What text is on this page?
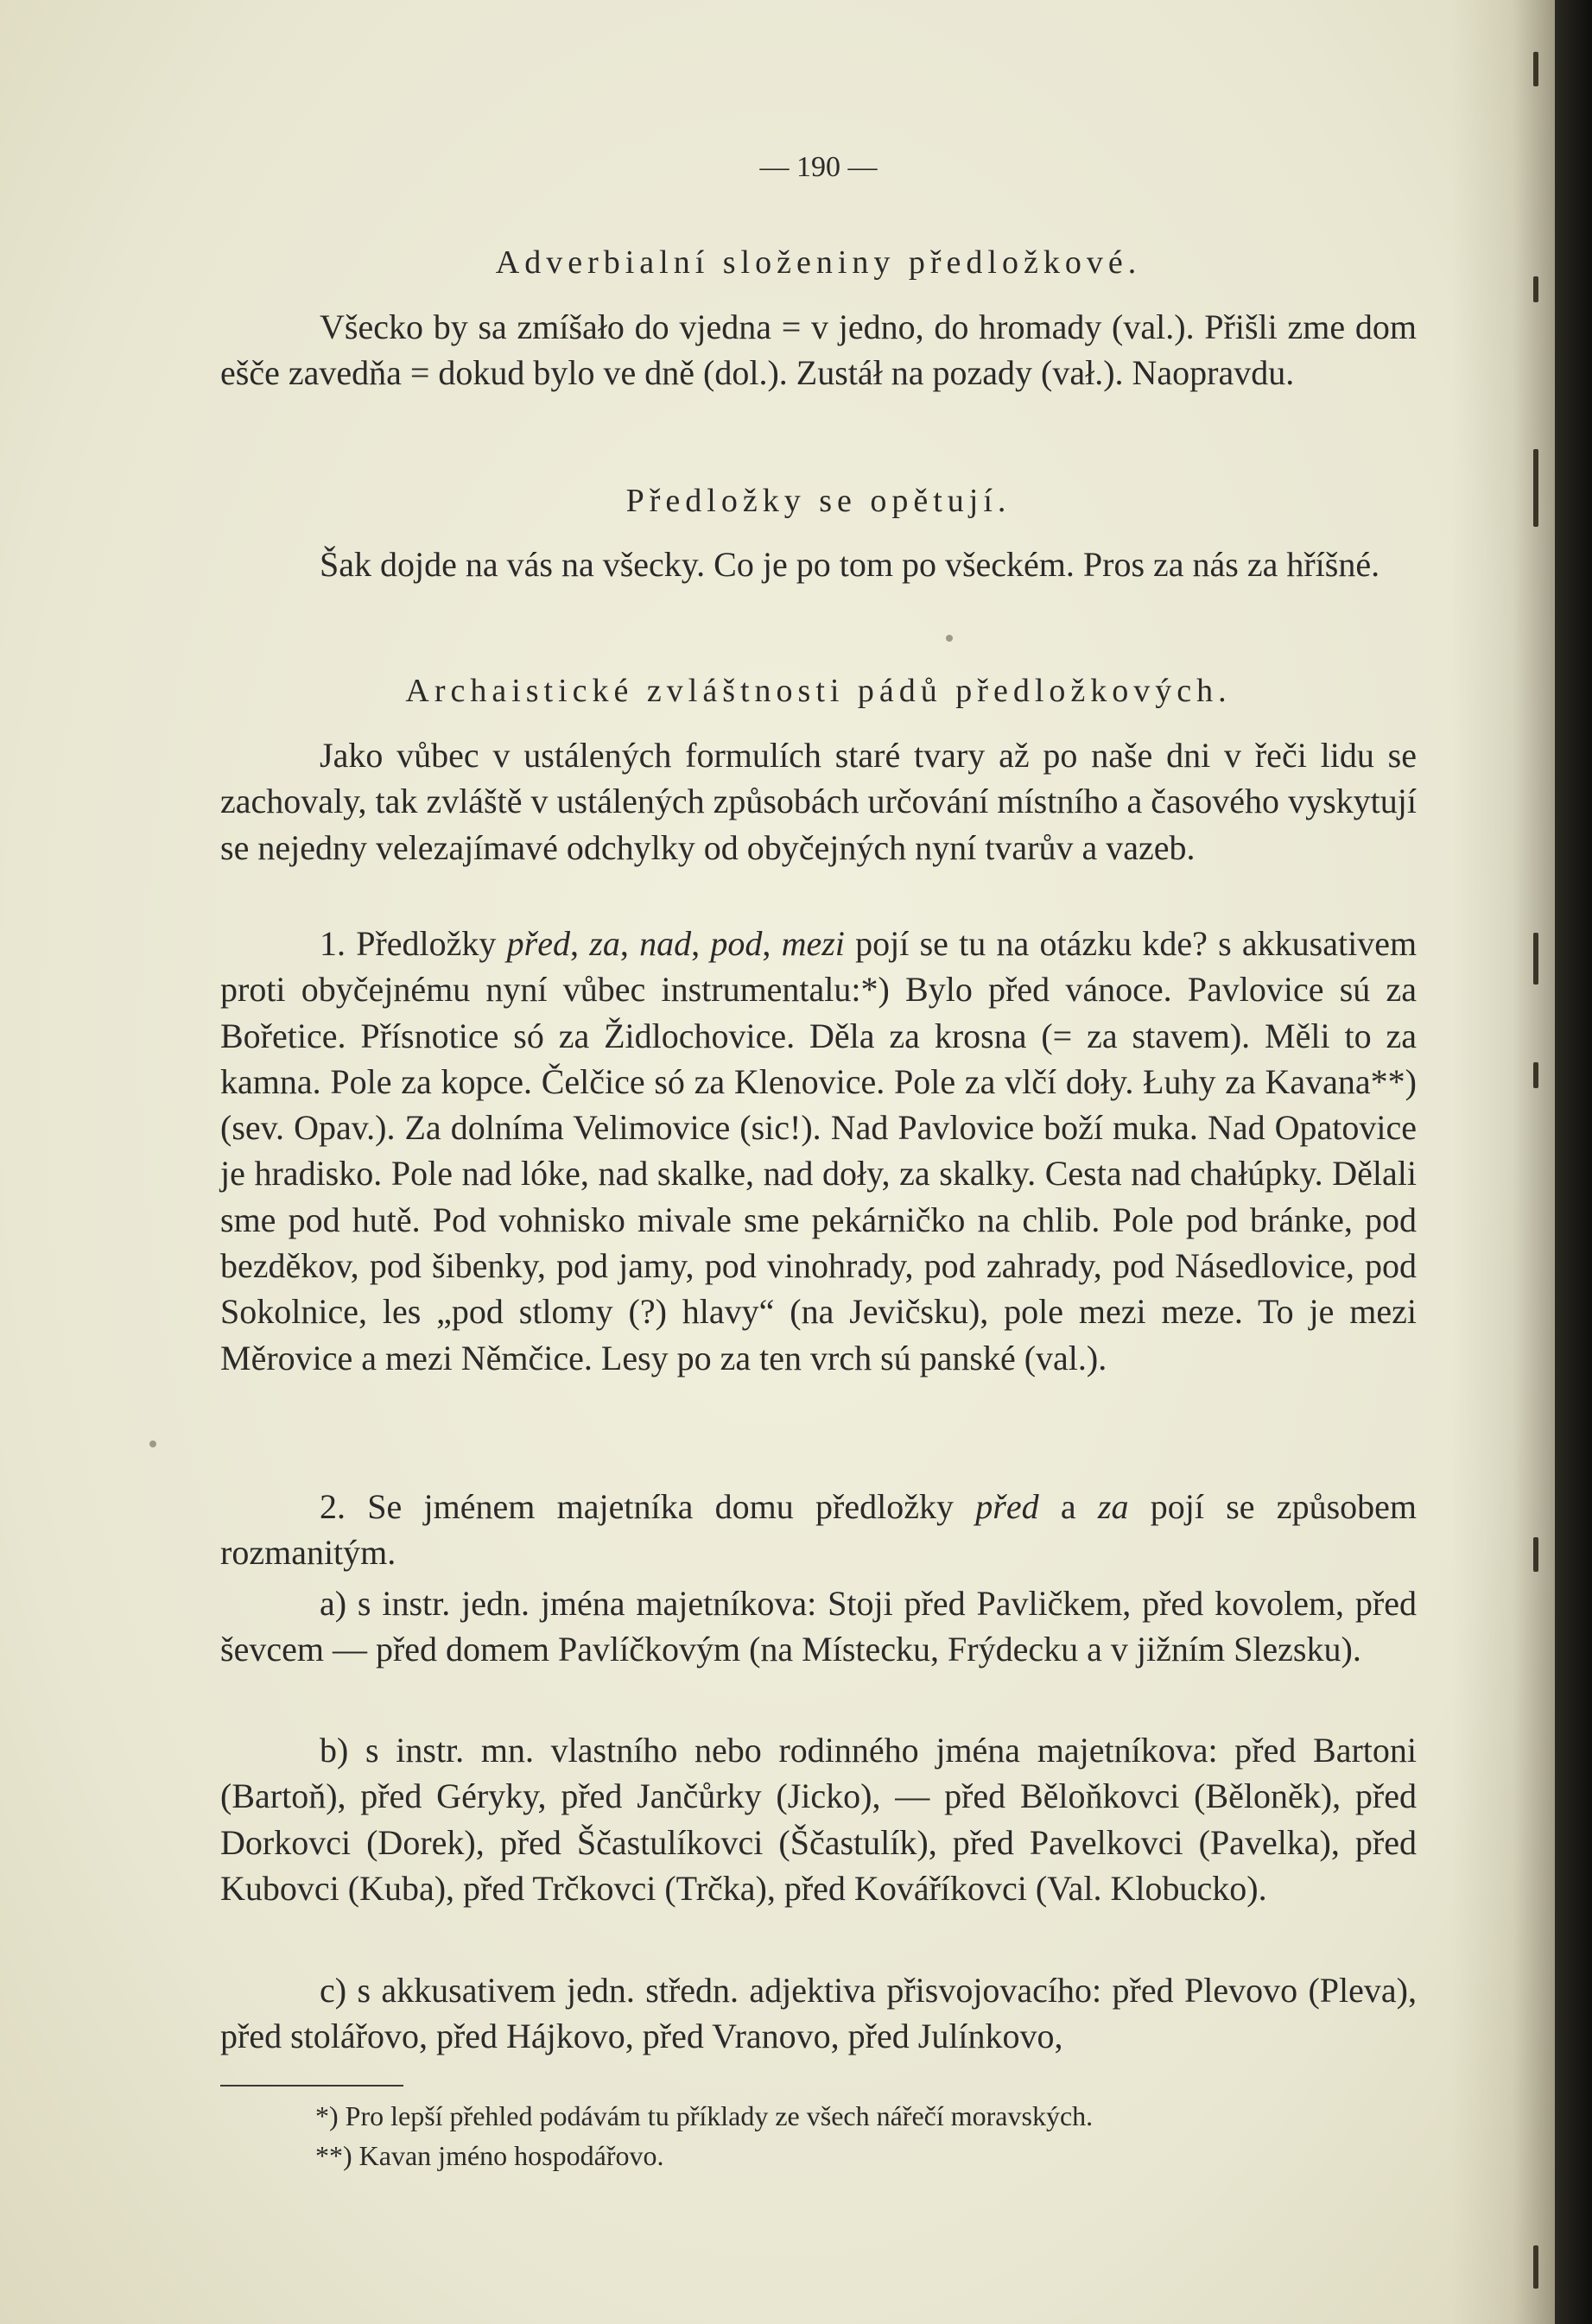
— 190 —
Adverbialní složeniny předložkové.

Všecko by sa zmíšało do vjedna = v jedno, do hromady (val.). Přišli zme dom ešče zavedňa = dokud bylo ve dně (dol.). Zustáł na pozady (vał.). Naopravdu.

Předložky se opětují.

Šak dojde na vás na všecky. Co je po tom po všeckém. Pros za nás za hříšné.

Archaistické zvláštnosti pádů předložkových.

Jako vůbec v ustálených formulích staré tvary až po naše dni v řeči lidu se zachovaly, tak zvláště v ustálených způsobách určování místního a časového vyskytují se nejedny velezajímavé odchylky od obyčejných nyní tvarův a vazeb.

1. Předložky před, za, nad, pod, mezi pojí se tu na otázku kde? s akkusativem proti obyčejnému nyní vůbec instrumentalu:*) Bylo před vánoce. Pavlovice sú za Bořetice. Přísnotice só za Židlochovice. Děla za krosna (= za stavem). Měli to za kamna. Pole za kopce. Čelčice só za Klenovice. Pole za vlčí doły. Łuhy za Kavana**) (sev. Opav.). Za dolníma Velimovice (sic!). Nad Pavlovice boží muka. Nad Opatovice je hradisko. Pole nad lóke, nad skalke, nad doły, za skalky. Cesta nad chałúpky. Dělali sme pod hutě. Pod vohnisko mivale sme pekárničko na chlib. Pole pod bránke, pod bezděkov, pod šibenky, pod jamy, pod vinohrady, pod zahrady, pod Násedlovice, pod Sokolnice, les „pod stlomy (?) hlavy“ (na Jevičsku), pole mezi meze. To je mezi Měrovice a mezi Němčice. Lesy po za ten vrch sú panské (val.).

2. Se jménem majetníka domu předložky před a za pojí se způsobem rozmanitým.

a) s instr. jedn. jména majetníkova: Stoji před Pavličkem, před kovolem, před ševcem — před domem Pavlíčkovým (na Místecku, Frýdecku a v jižním Slezsku).

b) s instr. mn. vlastního nebo rodinného jména majetníkova: před Bartoni (Bartoň), před Géryky, před Jančůrky (Jicko), — před Běloňkovci (Běloněk), před Dorkovci (Dorek), před Ščastulíkovci (Ščastulík), před Pavelkovci (Pavelka), před Kubovci (Kuba), před Trčkovci (Trčka), před Kováříkovci (Val. Klobucko).

c) s akkusativem jedn. středn. adjektiva přisvojovacího: před Plevovo (Pleva), před stolářovo, před Hájkovo, před Vranovo, před Julínkovo,

*) Pro lepší přehled podávám tu příklady ze všech nářečí moravských.

**) Kavan jméno hospodářovo.
